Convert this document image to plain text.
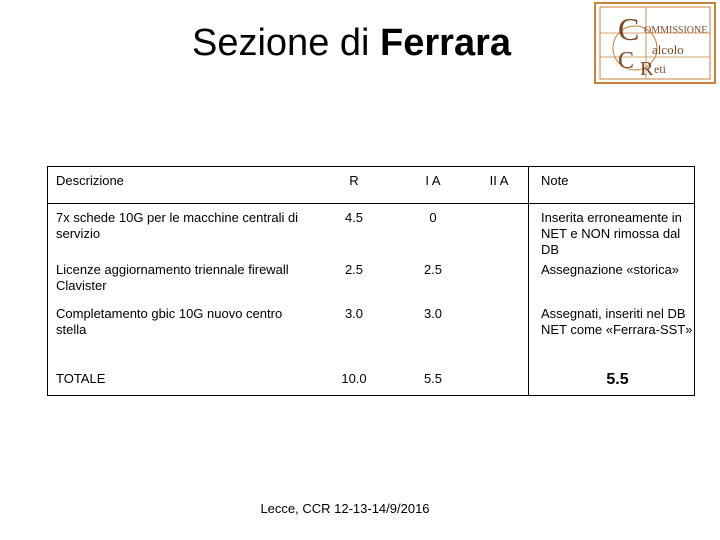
Sezione di Ferrara	C OMMISSIONE
C alcolo
R eti
Descrizione	R	I A	II A	Note
7x schede 10G per le macchine centrali di servizio	4.5	0		Inserita erroneamente in NET e NON rimossa dal DB
Licenze aggiornamento triennale firewall Clavister	2.5	2.5		Assegnazione «storica»
Completamento gbic 10G nuovo centro stella	3.0	3.0		Assegnati, inseriti nel DB NET come «Ferrara-SST»
TOTALE	10.0	5.5		5.5
Lecce, CCR 12-13-14/9/2016
